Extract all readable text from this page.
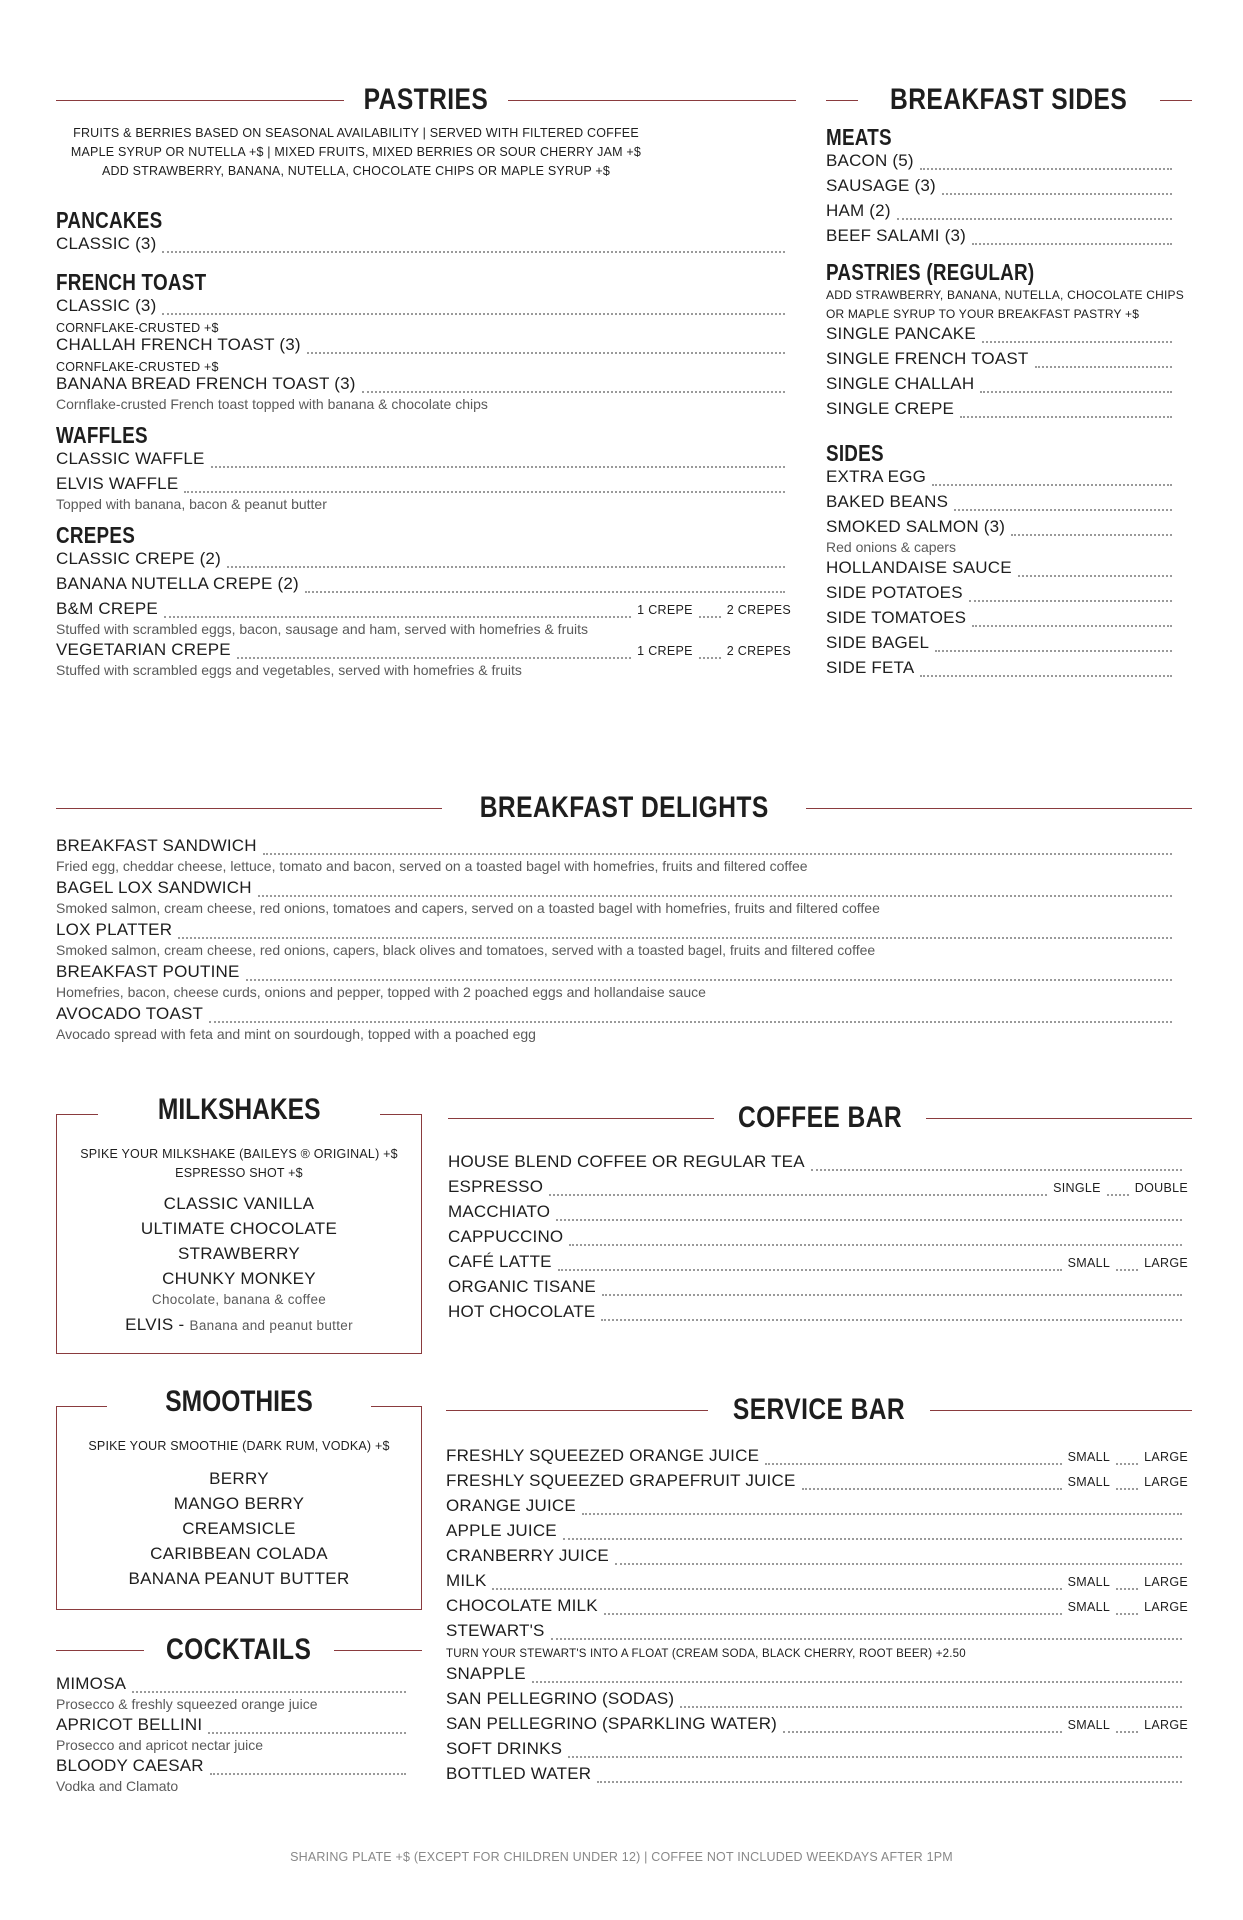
PASTRIES
FRUITS & BERRIES BASED ON SEASONAL AVAILABILITY | SERVED WITH FILTERED COFFEE
MAPLE SYRUP OR NUTELLA +$ | MIXED FRUITS, MIXED BERRIES OR SOUR CHERRY JAM +$
ADD STRAWBERRY, BANANA, NUTELLA, CHOCOLATE CHIPS OR MAPLE SYRUP +$
PANCAKES
CLASSIC (3)
FRENCH TOAST
CLASSIC (3)
CORNFLAKE-CRUSTED +$
CHALLAH FRENCH TOAST (3)
CORNFLAKE-CRUSTED +$
BANANA BREAD FRENCH TOAST (3)
Cornflake-crusted French toast topped with banana & chocolate chips
WAFFLES
CLASSIC WAFFLE
ELVIS WAFFLE
Topped with banana, bacon & peanut butter
CREPES
CLASSIC CREPE (2)
BANANA NUTELLA CREPE (2)
B&M CREPE	1 CREPE	2 CREPES
Stuffed with scrambled eggs, bacon, sausage and ham, served with homefries & fruits
VEGETARIAN CREPE	1 CREPE	2 CREPES
Stuffed with scrambled eggs and vegetables, served with homefries & fruits
BREAKFAST SIDES
MEATS
BACON (5)
SAUSAGE (3)
HAM (2)
BEEF SALAMI (3)
PASTRIES (REGULAR)
ADD STRAWBERRY, BANANA, NUTELLA, CHOCOLATE CHIPS
OR MAPLE SYRUP TO YOUR BREAKFAST PASTRY +$
SINGLE PANCAKE
SINGLE FRENCH TOAST
SINGLE CHALLAH
SINGLE CREPE
SIDES
EXTRA EGG
BAKED BEANS
SMOKED SALMON (3)
Red onions & capers
HOLLANDAISE SAUCE
SIDE POTATOES
SIDE TOMATOES
SIDE BAGEL
SIDE FETA
BREAKFAST DELIGHTS
BREAKFAST SANDWICH
Fried egg, cheddar cheese, lettuce, tomato and bacon, served on a toasted bagel with homefries, fruits and filtered coffee
BAGEL LOX SANDWICH
Smoked salmon, cream cheese, red onions, tomatoes and capers, served on a toasted bagel with homefries, fruits and filtered coffee
LOX PLATTER
Smoked salmon, cream cheese, red onions, capers, black olives and tomatoes, served with a toasted bagel, fruits and filtered coffee
BREAKFAST POUTINE
Homefries, bacon, cheese curds, onions and pepper, topped with 2 poached eggs and hollandaise sauce
AVOCADO TOAST
Avocado spread with feta and mint on sourdough, topped with a poached egg
MILKSHAKES
SPIKE YOUR MILKSHAKE (BAILEYS ® ORIGINAL) +$
ESPRESSO SHOT +$
CLASSIC VANILLA
ULTIMATE CHOCOLATE
STRAWBERRY
CHUNKY MONKEY
Chocolate, banana & coffee
ELVIS - Banana and peanut butter
COFFEE BAR
HOUSE BLEND COFFEE OR REGULAR TEA
ESPRESSO	SINGLE	DOUBLE
MACCHIATO
CAPPUCCINO
CAFÉ LATTE	SMALL	LARGE
ORGANIC TISANE
HOT CHOCOLATE
SMOOTHIES
SPIKE YOUR SMOOTHIE (DARK RUM, VODKA) +$
BERRY
MANGO BERRY
CREAMSICLE
CARIBBEAN COLADA
BANANA PEANUT BUTTER
COCKTAILS
MIMOSA
Prosecco & freshly squeezed orange juice
APRICOT BELLINI
Prosecco and apricot nectar juice
BLOODY CAESAR
Vodka and Clamato
SERVICE BAR
FRESHLY SQUEEZED ORANGE JUICE	SMALL	LARGE
FRESHLY SQUEEZED GRAPEFRUIT JUICE	SMALL	LARGE
ORANGE JUICE
APPLE JUICE
CRANBERRY JUICE
MILK	SMALL	LARGE
CHOCOLATE MILK	SMALL	LARGE
STEWART'S
TURN YOUR STEWART'S INTO A FLOAT (CREAM SODA, BLACK CHERRY, ROOT BEER) +2.50
SNAPPLE
SAN PELLEGRINO (SODAS)
SAN PELLEGRINO (SPARKLING WATER)	SMALL	LARGE
SOFT DRINKS
BOTTLED WATER
SHARING PLATE +$ (EXCEPT FOR CHILDREN UNDER 12) | COFFEE NOT INCLUDED WEEKDAYS AFTER 1PM
